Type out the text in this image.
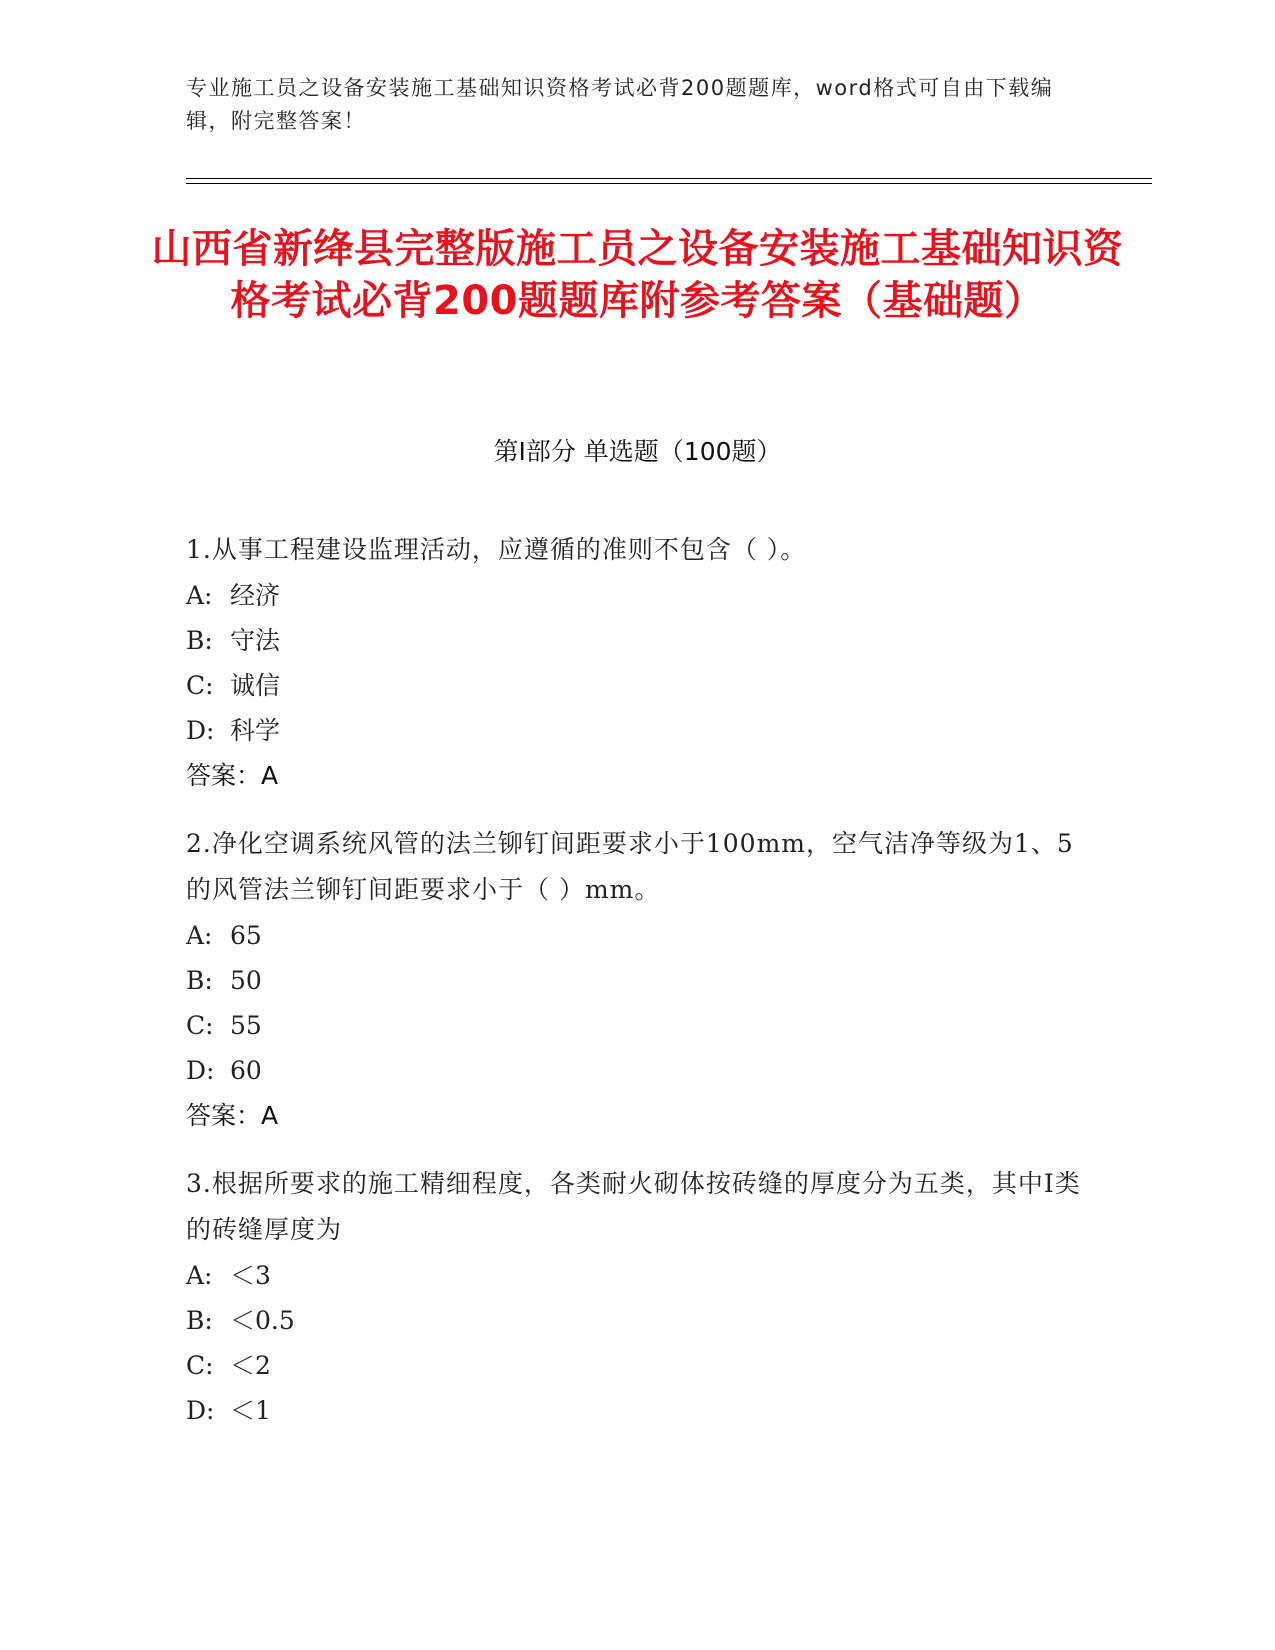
专业施工员之设备安装施工基础知识资格考试必背200题题库，word格式可自由下载编辑，附完整答案！
山西省新绛县完整版施工员之设备安装施工基础知识资格考试必背200题题库附参考答案（基础题）
第I部分 单选题（100题）
1.从事工程建设监理活动，应遵循的准则不包含（ ）。
A: 经济
B: 守法
C: 诚信
D: 科学
答案：A
2.净化空调系统风管的法兰铆钉间距要求小于100mm，空气洁净等级为1、5的风管法兰铆钉间距要求小于（ ）mm。
A: 65
B: 50
C: 55
D: 60
答案：A
3.根据所要求的施工精细程度，各类耐火砌体按砖缝的厚度分为五类，其中I类的砖缝厚度为
A: ＜3
B: ＜0.5
C: ＜2
D: ＜1
